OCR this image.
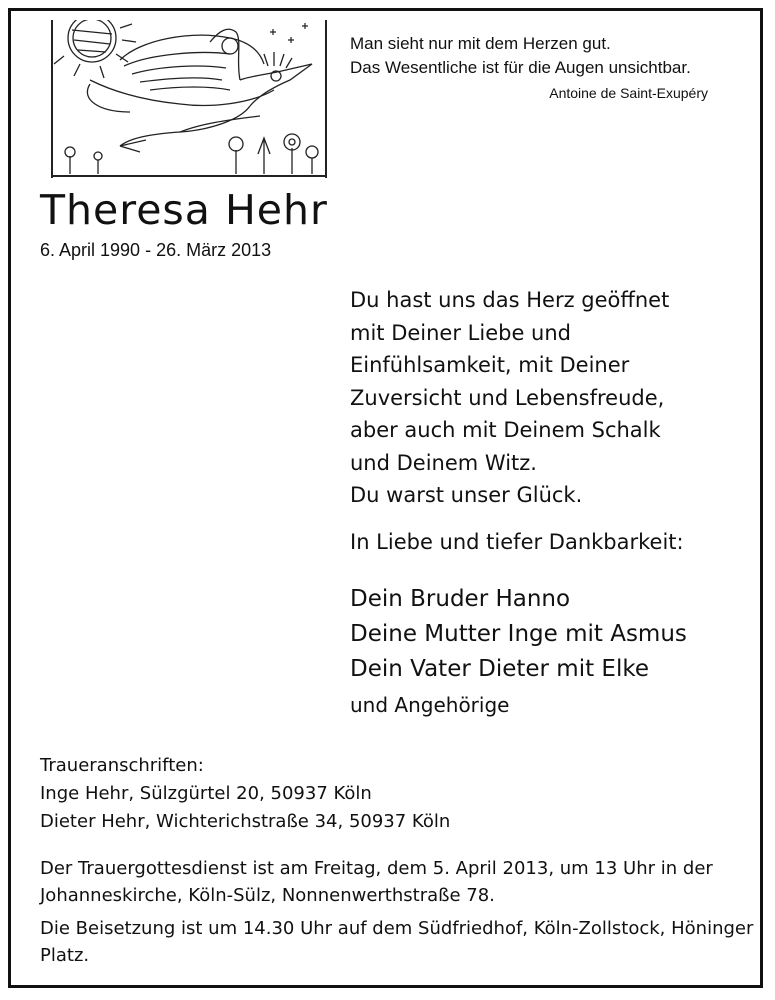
Man sieht nur mit dem Herzen gut.
Das Wesentliche ist für die Augen unsichtbar.
Antoine de Saint-Exupéry
Theresa Hehr
6. April 1990 - 26. März 2013
Du hast uns das Herz geöffnet
mit Deiner Liebe und
Einfühlsamkeit, mit Deiner
Zuversicht und Lebensfreude,
aber auch mit Deinem Schalk
und Deinem Witz.
Du warst unser Glück.
In Liebe und tiefer Dankbarkeit:
Dein Bruder Hanno
Deine Mutter Inge mit Asmus
Dein Vater Dieter mit Elke
und Angehörige
Traueranschriften:
Inge Hehr, Sülzgürtel 20, 50937 Köln
Dieter Hehr, Wichterichstraße 34, 50937 Köln

Der Trauergottesdienst ist am Freitag, dem 5. April 2013, um 13 Uhr in der Johanneskirche, Köln-Sülz, Nonnenwerthstraße 78.

Die Beisetzung ist um 14.30 Uhr auf dem Südfriedhof, Köln-Zollstock, Höninger Platz.
